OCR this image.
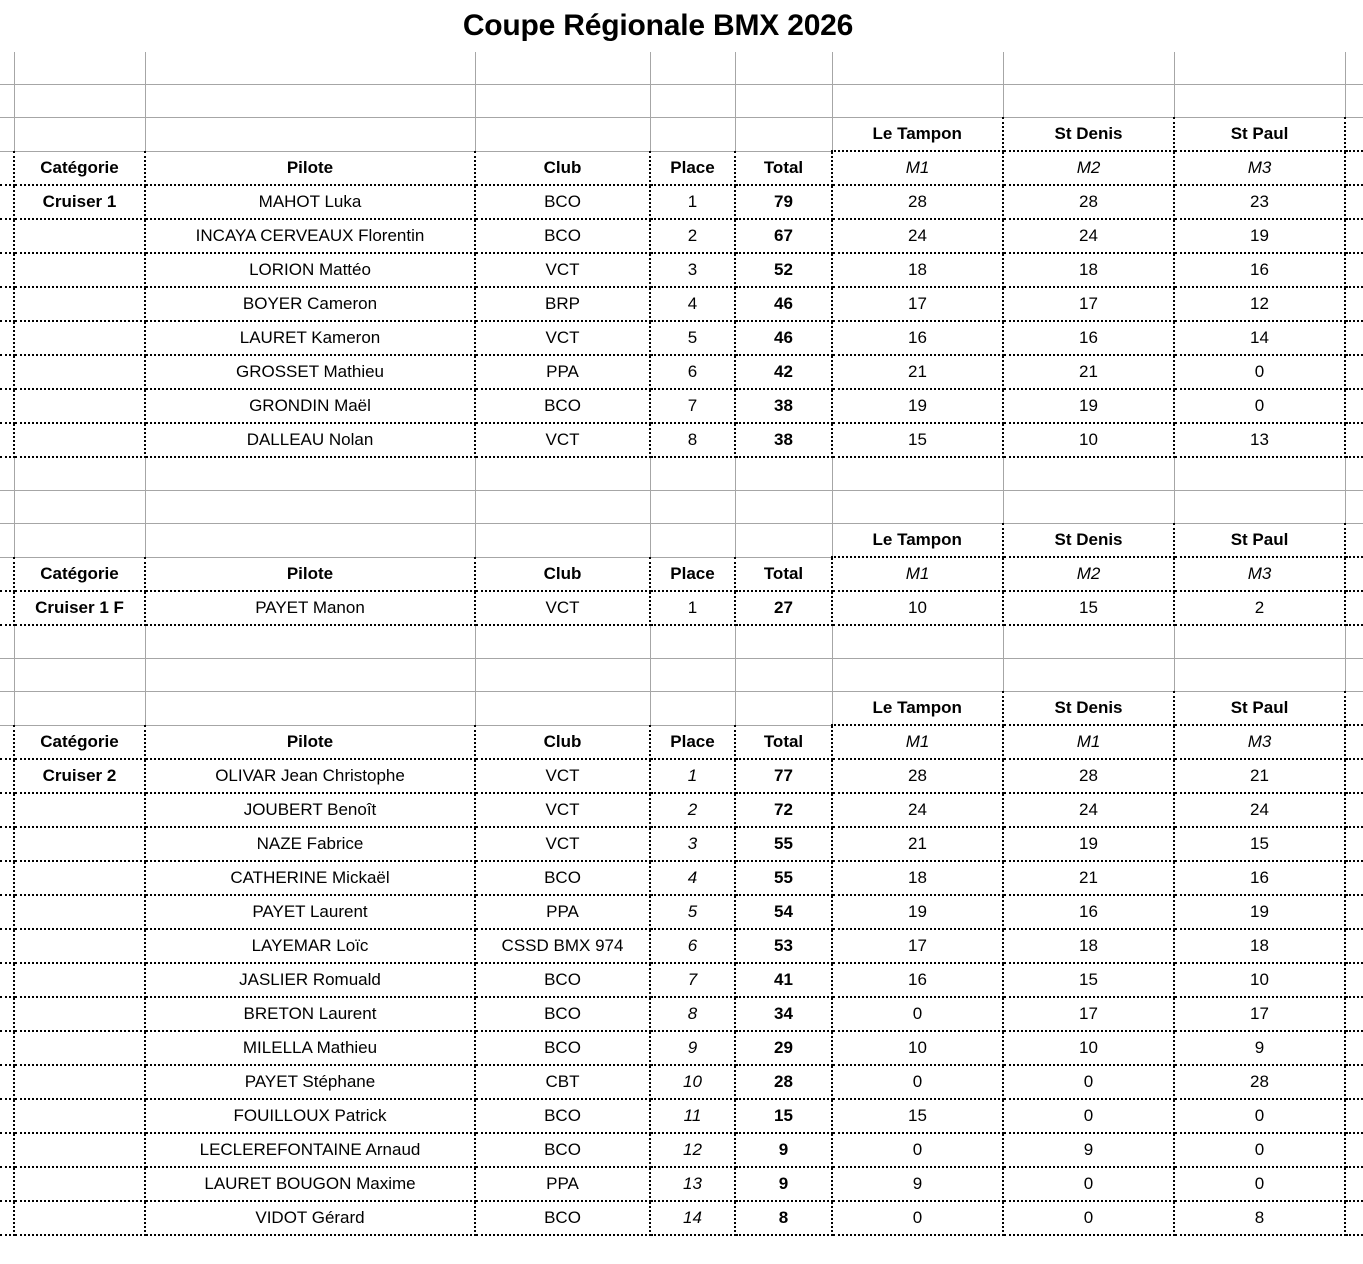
Coupe Régionale BMX 2026

						Le Tampon	St Denis	St Paul	
	Catégorie	Pilote	Club	Place	Total	M1	M2	M3	
	Cruiser 1	MAHOT Luka	BCO	1	79	28	28	23	
		INCAYA CERVEAUX Florentin	BCO	2	67	24	24	19	
		LORION Mattéo	VCT	3	52	18	18	16	
		BOYER Cameron	BRP	4	46	17	17	12	
		LAURET Kameron	VCT	5	46	16	16	14	
		GROSSET Mathieu	PPA	6	42	21	21	0	
		GRONDIN Maël	BCO	7	38	19	19	0	
		DALLEAU Nolan	VCT	8	38	15	10	13	

						Le Tampon	St Denis	St Paul	
	Catégorie	Pilote	Club	Place	Total	M1	M2	M3	
	Cruiser 1 F	PAYET Manon	VCT	1	27	10	15	2	

						Le Tampon	St Denis	St Paul	
	Catégorie	Pilote	Club	Place	Total	M1	M1	M3	
	Cruiser 2	OLIVAR Jean Christophe	VCT	1	77	28	28	21	
		JOUBERT Benoît	VCT	2	72	24	24	24	
		NAZE Fabrice	VCT	3	55	21	19	15	
		CATHERINE Mickaël	BCO	4	55	18	21	16	
		PAYET Laurent	PPA	5	54	19	16	19	
		LAYEMAR Loïc	CSSD BMX 974	6	53	17	18	18	
		JASLIER Romuald	BCO	7	41	16	15	10	
		BRETON Laurent	BCO	8	34	0	17	17	
		MILELLA Mathieu	BCO	9	29	10	10	9	
		PAYET Stéphane	CBT	10	28	0	0	28	
		FOUILLOUX Patrick	BCO	11	15	15	0	0	
		LECLEREFONTAINE Arnaud	BCO	12	9	0	9	0	
		LAURET BOUGON Maxime	PPA	13	9	9	0	0	
		VIDOT Gérard	BCO	14	8	0	0	8	
